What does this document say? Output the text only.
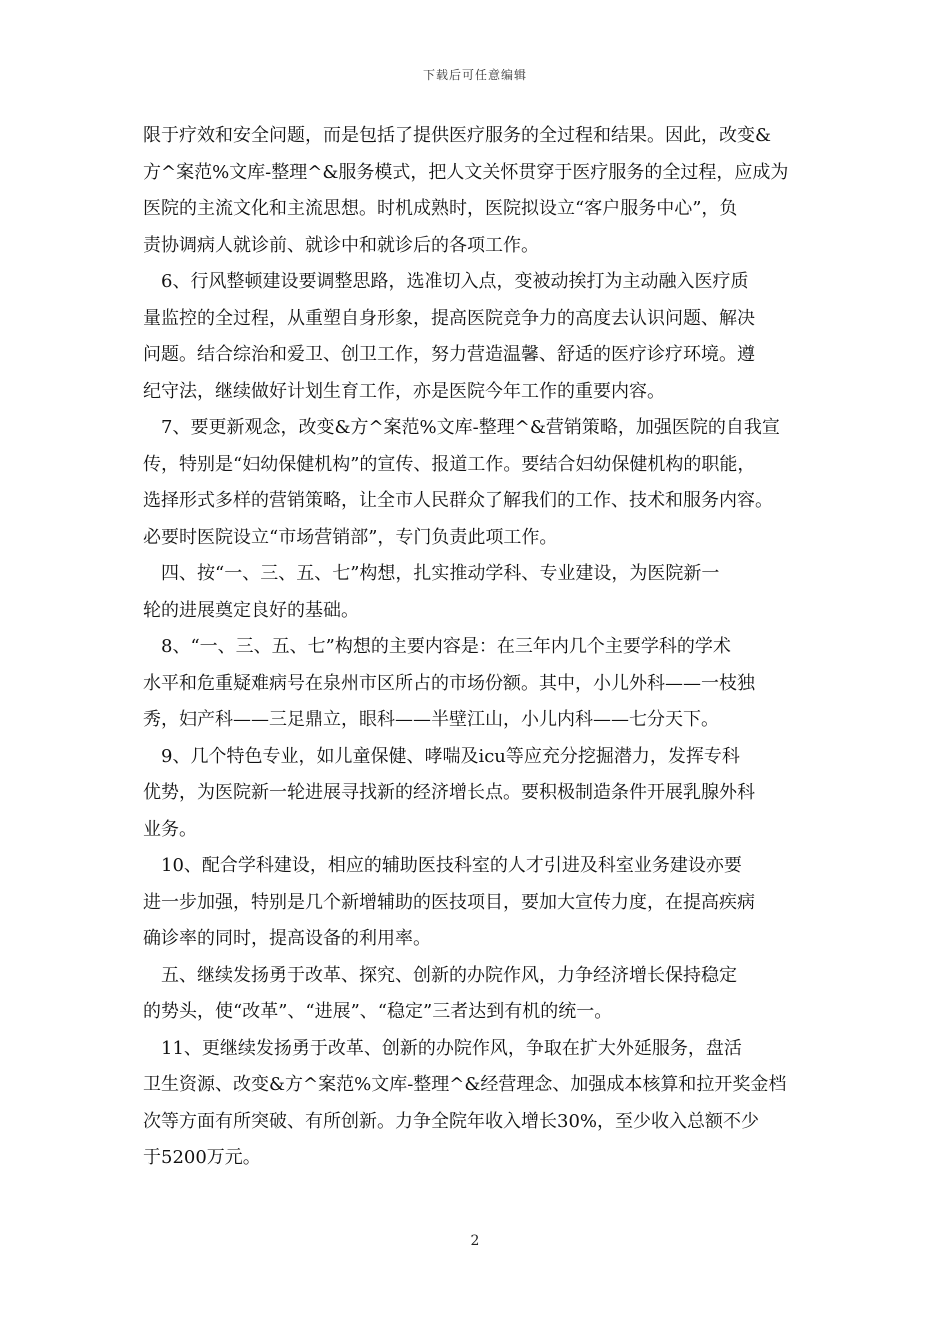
下载后可任意编辑

限于疗效和安全问题，而是包括了提供医疗服务的全过程和结果。因此，改变&
方^案范%文库-整理^&服务模式，把人文关怀贯穿于医疗服务的全过程，应成为
医院的主流文化和主流思想。时机成熟时，医院拟设立“客户服务中心”，负
责协调病人就诊前、就诊中和就诊后的各项工作。

　6、行风整顿建设要调整思路，选准切入点，变被动挨打为主动融入医疗质
量监控的全过程，从重塑自身形象，提高医院竞争力的高度去认识问题、解决
问题。结合综治和爱卫、创卫工作，努力营造温馨、舒适的医疗诊疗环境。遵
纪守法，继续做好计划生育工作，亦是医院今年工作的重要内容。

　7、要更新观念，改变&方^案范%文库-整理^&营销策略，加强医院的自我宣
传，特别是“妇幼保健机构”的宣传、报道工作。要结合妇幼保健机构的职能，
选择形式多样的营销策略，让全市人民群众了解我们的工作、技术和服务内容。
必要时医院设立“市场营销部”，专门负责此项工作。

　四、按“一、三、五、七”构想，扎实推动学科、专业建设，为医院新一
轮的进展奠定良好的基础。

　8、“一、三、五、七”构想的主要内容是：在三年内几个主要学科的学术
水平和危重疑难病号在泉州市区所占的市场份额。其中，小儿外科——一枝独
秀，妇产科——三足鼎立，眼科——半壁江山，小儿内科——七分天下。

　9、几个特色专业，如儿童保健、哮喘及icu等应充分挖掘潜力，发挥专科
优势，为医院新一轮进展寻找新的经济增长点。要积极制造条件开展乳腺外科
业务。

　10、配合学科建设，相应的辅助医技科室的人才引进及科室业务建设亦要
进一步加强，特别是几个新增辅助的医技项目，要加大宣传力度，在提高疾病
确诊率的同时，提高设备的利用率。

　五、继续发扬勇于改革、探究、创新的办院作风，力争经济增长保持稳定
的势头，使“改革”、“进展”、“稳定”三者达到有机的统一。

　11、更继续发扬勇于改革、创新的办院作风，争取在扩大外延服务，盘活
卫生资源、改变&方^案范%文库-整理^&经营理念、加强成本核算和拉开奖金档
次等方面有所突破、有所创新。力争全院年收入增长30%，至少收入总额不少
于5200万元。

2
